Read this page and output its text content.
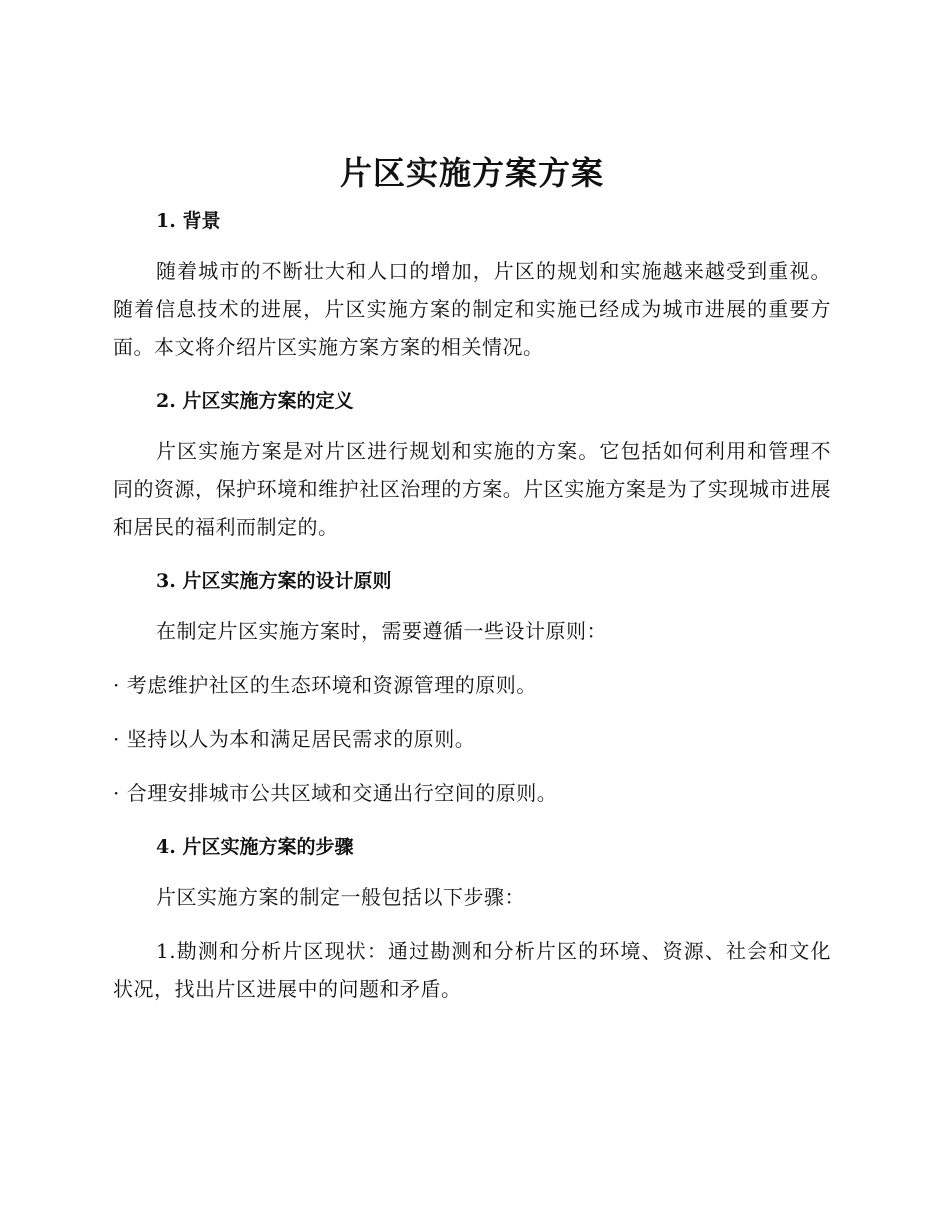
片区实施方案方案
1. 背景

随着城市的不断壮大和人口的增加，片区的规划和实施越来越受到重视。随着信息技术的进展，片区实施方案的制定和实施已经成为城市进展的重要方面。本文将介绍片区实施方案方案的相关情况。

2. 片区实施方案的定义

片区实施方案是对片区进行规划和实施的方案。它包括如何利用和管理不同的资源，保护环境和维护社区治理的方案。片区实施方案是为了实现城市进展和居民的福利而制定的。

3. 片区实施方案的设计原则

在制定片区实施方案时，需要遵循一些设计原则：

· 考虑维护社区的生态环境和资源管理的原则。

· 坚持以人为本和满足居民需求的原则。

· 合理安排城市公共区域和交通出行空间的原则。

4. 片区实施方案的步骤

片区实施方案的制定一般包括以下步骤：

1.勘测和分析片区现状：通过勘测和分析片区的环境、资源、社会和文化状况，找出片区进展中的问题和矛盾。
